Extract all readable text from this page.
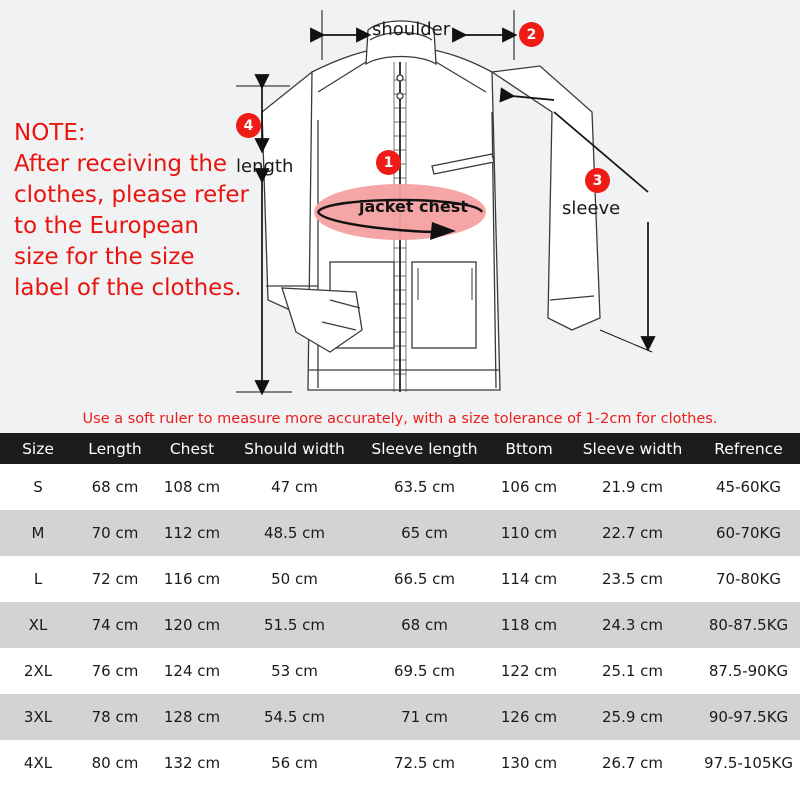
NOTE:
After receiving the clothes, please refer to the European size for the size label of the clothes.
shoulder
length
sleeve
jacket chest
1
2
3
4
Use a soft ruler to measure more accurately, with a size tolerance of 1-2cm for clothes.
Size	Length	Chest	Should width	Sleeve length	Bttom	Sleeve width	Refrence
S	68 cm	108 cm	47 cm	63.5 cm	106 cm	21.9 cm	45-60KG
M	70 cm	112 cm	48.5 cm	65 cm	110 cm	22.7 cm	60-70KG
L	72 cm	116 cm	50 cm	66.5 cm	114 cm	23.5 cm	70-80KG
XL	74 cm	120 cm	51.5 cm	68 cm	118 cm	24.3 cm	80-87.5KG
2XL	76 cm	124 cm	53 cm	69.5 cm	122 cm	25.1 cm	87.5-90KG
3XL	78 cm	128 cm	54.5 cm	71 cm	126 cm	25.9 cm	90-97.5KG
4XL	80 cm	132 cm	56 cm	72.5 cm	130 cm	26.7 cm	97.5-105KG
